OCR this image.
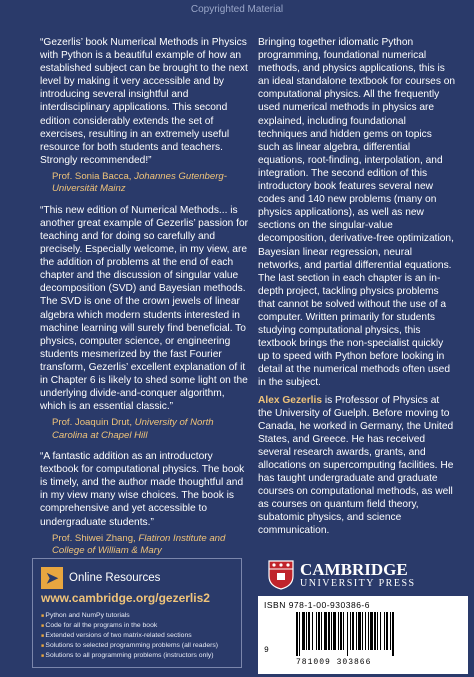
Copyrighted Material
“Gezerlis’ book Numerical Methods in Physics with Python is a beautiful example of how an established subject can be brought to the next level by making it very accessible and by introducing several insightful and interdisciplinary applications. This second edition considerably extends the set of exercises, resulting in an extremely useful resource for both students and teachers. Strongly recommended!”
Prof. Sonia Bacca, Johannes Gutenberg-Universität Mainz
“This new edition of Numerical Methods... is another great example of Gezerlis’ passion for teaching and for doing so carefully and precisely. Especially welcome, in my view, are the addition of problems at the end of each chapter and the discussion of singular value decomposition (SVD) and Bayesian methods. The SVD is one of the crown jewels of linear algebra which modern students interested in machine learning will surely find beneficial. To physics, computer science, or engineering students mesmerized by the fast Fourier transform, Gezerlis’ excellent explanation of it in Chapter 6 is likely to shed some light on the underlying divide-and-conquer algorithm, which is an essential classic.”
Prof. Joaquin Drut, University of North Carolina at Chapel Hill
“A fantastic addition as an introductory textbook for computational physics. The book is timely, and the author made thoughtful and in my view many wise choices. The book is comprehensive and yet accessible to undergraduate students.”
Prof. Shiwei Zhang, Flatiron Institute and College of William & Mary
Bringing together idiomatic Python programming, foundational numerical methods, and physics applications, this is an ideal standalone textbook for courses on computational physics. All the frequently used numerical methods in physics are explained, including foundational techniques and hidden gems on topics such as linear algebra, differential equations, root-finding, interpolation, and integration. The second edition of this introductory book features several new codes and 140 new problems (many on physics applications), as well as new sections on the singular-value decomposition, derivative-free optimization, Bayesian linear regression, neural networks, and partial differential equations. The last section in each chapter is an in-depth project, tackling physics problems that cannot be solved without the use of a computer. Written primarily for students studying computational physics, this textbook brings the non-specialist quickly up to speed with Python before looking in detail at the numerical methods often used in the subject.
Alex Gezerlis is Professor of Physics at the University of Guelph. Before moving to Canada, he worked in Germany, the United States, and Greece. He has received several research awards, grants, and allocations on supercomputing facilities. He has taught undergraduate and graduate courses on computational methods, as well as courses on quantum field theory, subatomic physics, and science communication.
➤ Online Resources
www.cambridge.org/gezerlis2
■ Python and NumPy tutorials
■ Code for all the programs in the book
■ Extended versions of two matrix-related sections
■ Solutions to selected programming problems (all readers)
■ Solutions to all programming problems (instructors only)
CAMBRIDGE
UNIVERSITY PRESS
ISBN 978-1-00-930386-6
9
781009 303866
